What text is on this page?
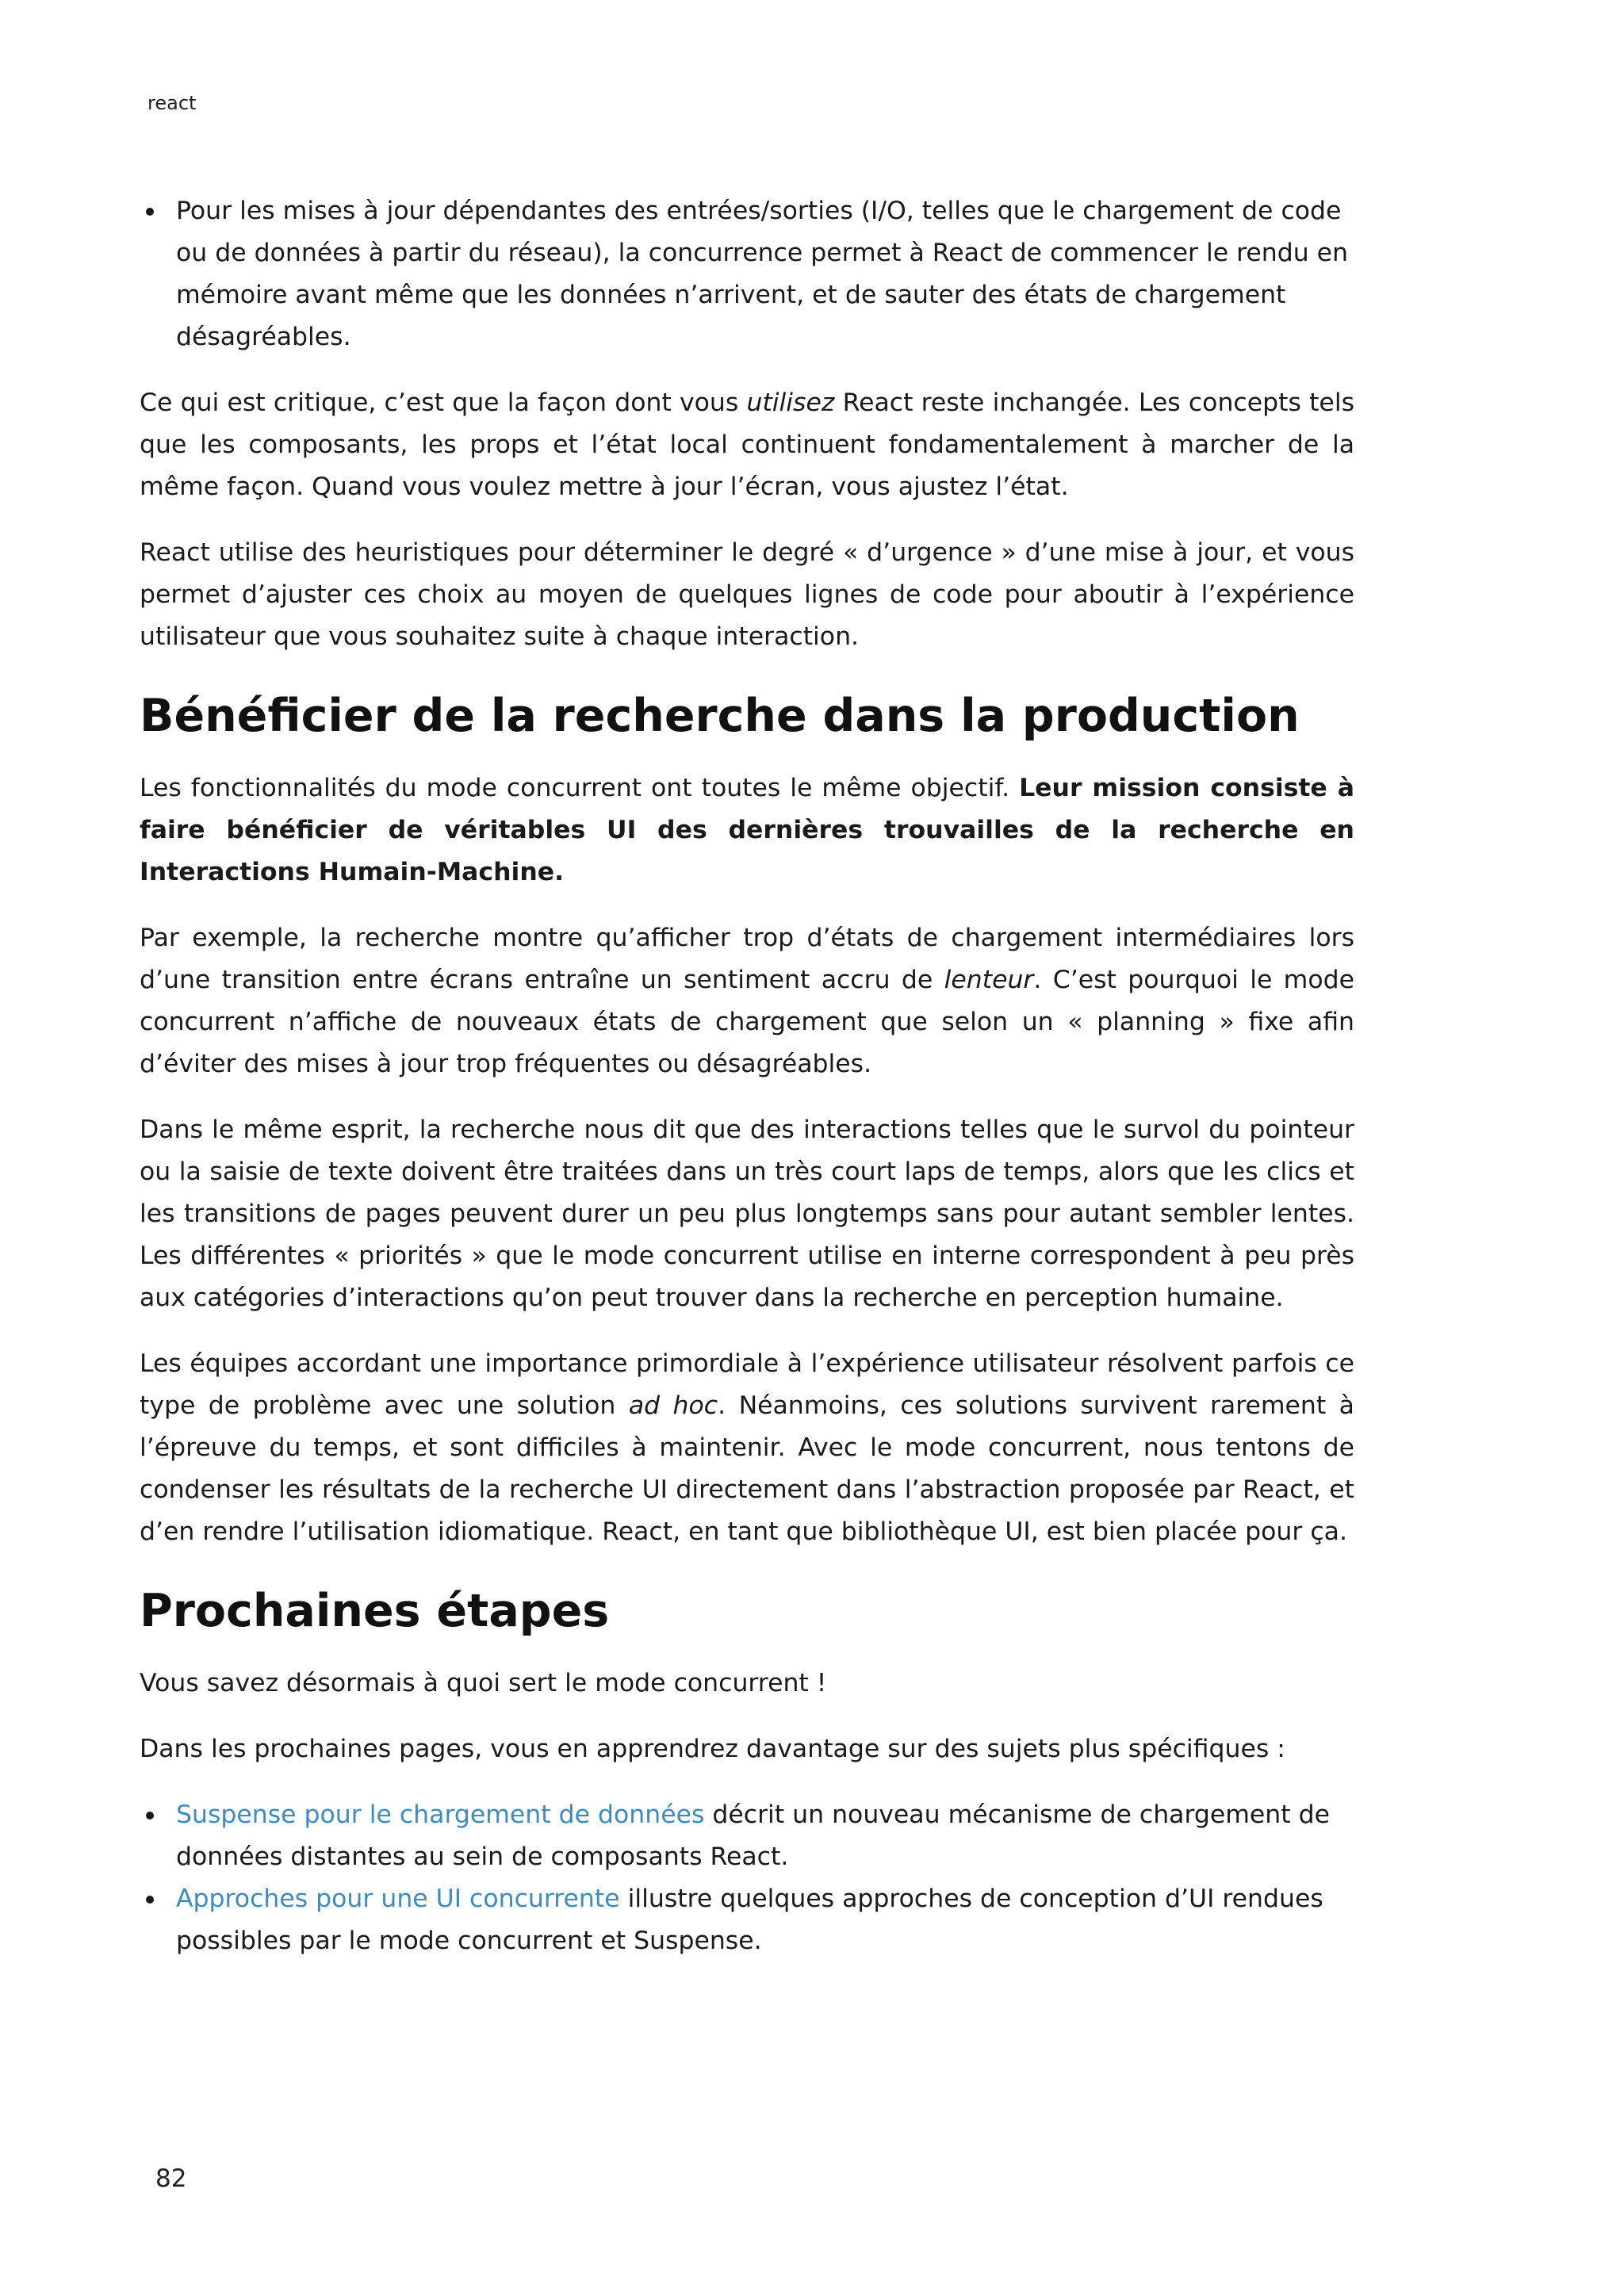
react
Pour les mises à jour dépendantes des entrées/sorties (I/O, telles que le chargement de code ou de données à partir du réseau), la concurrence permet à React de commencer le rendu en mémoire avant même que les données n’arrivent, et de sauter des états de chargement désagréables.

Ce qui est critique, c’est que la façon dont vous utilisez React reste inchangée. Les concepts tels que les composants, les props et l’état local continuent fondamentalement à marcher de la même façon. Quand vous voulez mettre à jour l’écran, vous ajustez l’état.

React utilise des heuristiques pour déterminer le degré « d’urgence » d’une mise à jour, et vous permet d’ajuster ces choix au moyen de quelques lignes de code pour aboutir à l’expérience utilisateur que vous souhaitez suite à chaque interaction.

Bénéficier de la recherche dans la production

Les fonctionnalités du mode concurrent ont toutes le même objectif. Leur mission consiste à faire bénéficier de véritables UI des dernières trouvailles de la recherche en Interactions Humain-Machine.

Par exemple, la recherche montre qu’afficher trop d’états de chargement intermédiaires lors d’une transition entre écrans entraîne un sentiment accru de lenteur. C’est pourquoi le mode concurrent n’affiche de nouveaux états de chargement que selon un « planning » fixe afin d’éviter des mises à jour trop fréquentes ou désagréables.

Dans le même esprit, la recherche nous dit que des interactions telles que le survol du pointeur ou la saisie de texte doivent être traitées dans un très court laps de temps, alors que les clics et les transitions de pages peuvent durer un peu plus longtemps sans pour autant sembler lentes. Les différentes « priorités » que le mode concurrent utilise en interne correspondent à peu près aux catégories d’interactions qu’on peut trouver dans la recherche en perception humaine.

Les équipes accordant une importance primordiale à l’expérience utilisateur résolvent parfois ce type de problème avec une solution ad hoc. Néanmoins, ces solutions survivent rarement à l’épreuve du temps, et sont difficiles à maintenir. Avec le mode concurrent, nous tentons de condenser les résultats de la recherche UI directement dans l’abstraction proposée par React, et d’en rendre l’utilisation idiomatique. React, en tant que bibliothèque UI, est bien placée pour ça.

Prochaines étapes

Vous savez désormais à quoi sert le mode concurrent !

Dans les prochaines pages, vous en apprendrez davantage sur des sujets plus spécifiques :

Suspense pour le chargement de données décrit un nouveau mécanisme de chargement de données distantes au sein de composants React.
Approches pour une UI concurrente illustre quelques approches de conception d’UI rendues possibles par le mode concurrent et Suspense.
82
